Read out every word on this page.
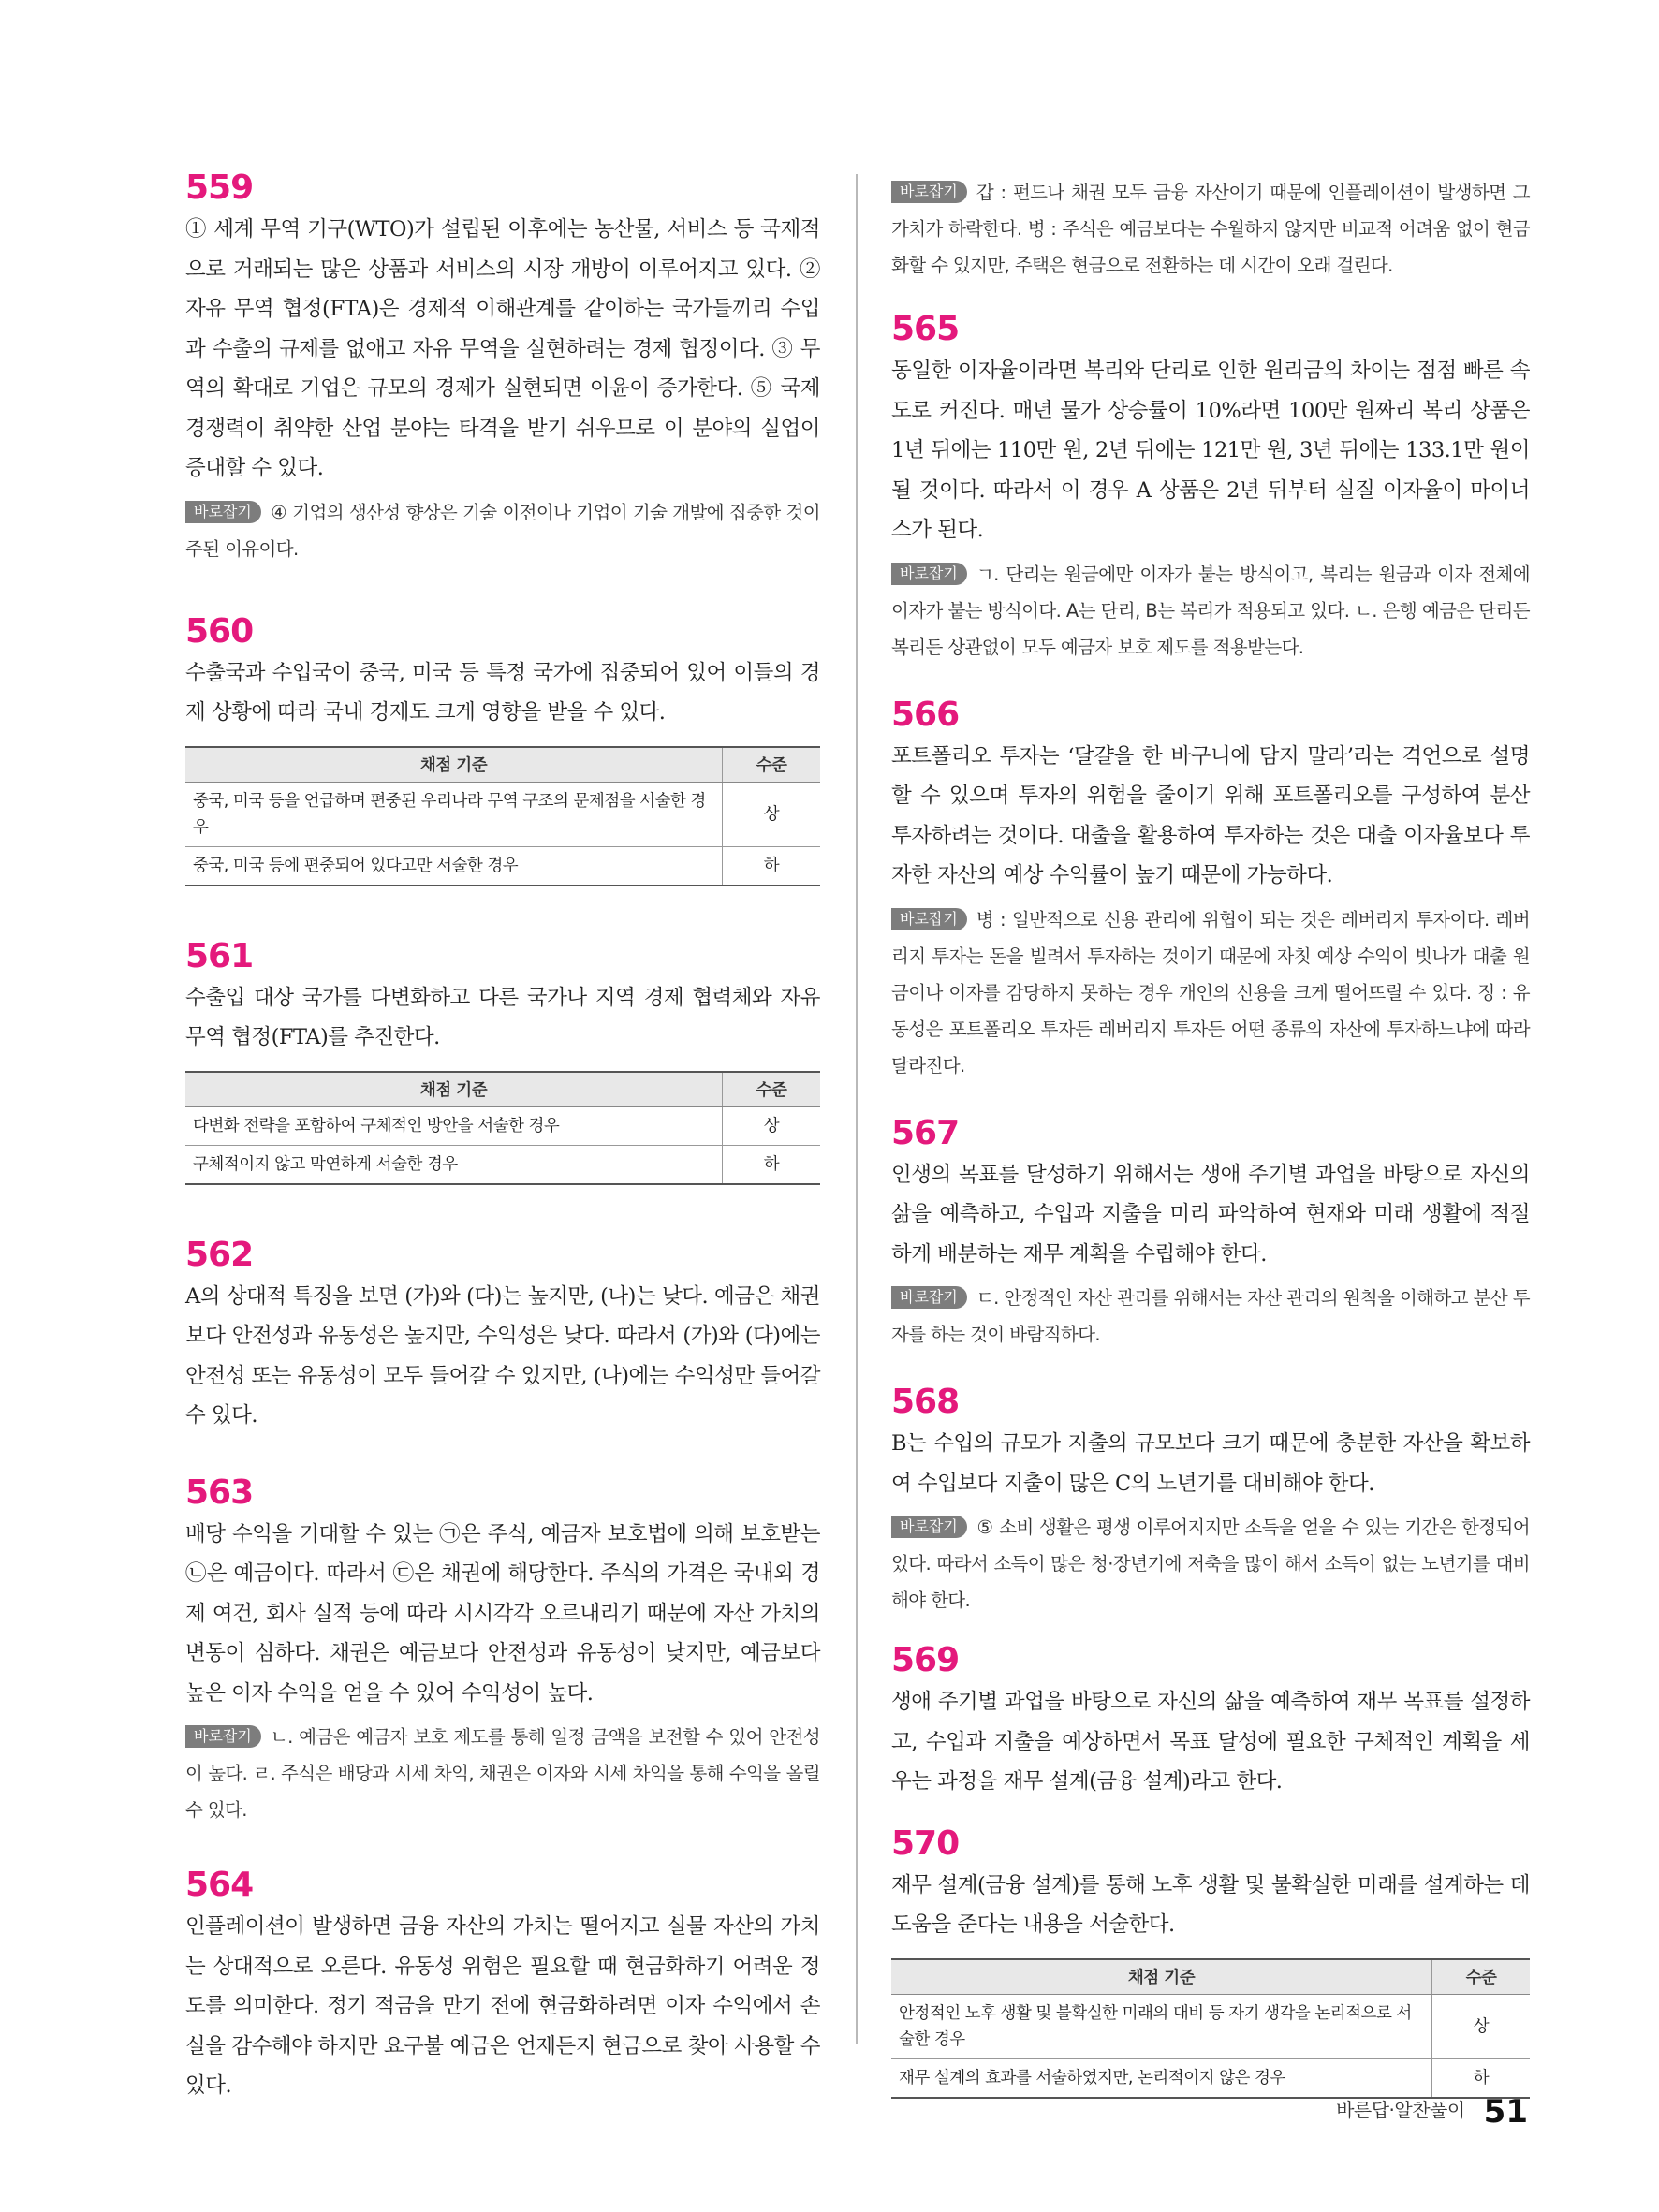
559

① 세계 무역 기구(WTO)가 설립된 이후에는 농산물, 서비스 등 국제적으로 거래되는 많은 상품과 서비스의 시장 개방이 이루어지고 있다. ② 자유 무역 협정(FTA)은 경제적 이해관계를 같이하는 국가들끼리 수입과 수출의 규제를 없애고 자유 무역을 실현하려는 경제 협정이다. ③ 무역의 확대로 기업은 규모의 경제가 실현되면 이윤이 증가한다. ⑤ 국제 경쟁력이 취약한 산업 분야는 타격을 받기 쉬우므로 이 분야의 실업이 증대할 수 있다.

바로잡기 ④ 기업의 생산성 향상은 기술 이전이나 기업이 기술 개발에 집중한 것이 주된 이유이다.

560

수출국과 수입국이 중국, 미국 등 특정 국가에 집중되어 있어 이들의 경제 상황에 따라 국내 경제도 크게 영향을 받을 수 있다.

채점 기준	수준
중국, 미국 등을 언급하며 편중된 우리나라 무역 구조의 문제점을 서술한 경우	상
중국, 미국 등에 편중되어 있다고만 서술한 경우	하
561

수출입 대상 국가를 다변화하고 다른 국가나 지역 경제 협력체와 자유 무역 협정(FTA)를 추진한다.

채점 기준	수준
다변화 전략을 포함하여 구체적인 방안을 서술한 경우	상
구체적이지 않고 막연하게 서술한 경우	하
562

A의 상대적 특징을 보면 (가)와 (다)는 높지만, (나)는 낮다. 예금은 채권보다 안전성과 유동성은 높지만, 수익성은 낮다. 따라서 (가)와 (다)에는 안전성 또는 유동성이 모두 들어갈 수 있지만, (나)에는 수익성만 들어갈 수 있다.

563

배당 수익을 기대할 수 있는 ㉠은 주식, 예금자 보호법에 의해 보호받는 ㉡은 예금이다. 따라서 ㉢은 채권에 해당한다. 주식의 가격은 국내외 경제 여건, 회사 실적 등에 따라 시시각각 오르내리기 때문에 자산 가치의 변동이 심하다. 채권은 예금보다 안전성과 유동성이 낮지만, 예금보다 높은 이자 수익을 얻을 수 있어 수익성이 높다.

바로잡기 ㄴ. 예금은 예금자 보호 제도를 통해 일정 금액을 보전할 수 있어 안전성이 높다. ㄹ. 주식은 배당과 시세 차익, 채권은 이자와 시세 차익을 통해 수익을 올릴 수 있다.

564

인플레이션이 발생하면 금융 자산의 가치는 떨어지고 실물 자산의 가치는 상대적으로 오른다. 유동성 위험은 필요할 때 현금화하기 어려운 정도를 의미한다. 정기 적금을 만기 전에 현금화하려면 이자 수익에서 손실을 감수해야 하지만 요구불 예금은 언제든지 현금으로 찾아 사용할 수 있다.

바로잡기 갑 : 펀드나 채권 모두 금융 자산이기 때문에 인플레이션이 발생하면 그 가치가 하락한다. 병 : 주식은 예금보다는 수월하지 않지만 비교적 어려움 없이 현금화할 수 있지만, 주택은 현금으로 전환하는 데 시간이 오래 걸린다.

565

동일한 이자율이라면 복리와 단리로 인한 원리금의 차이는 점점 빠른 속도로 커진다. 매년 물가 상승률이 10%라면 100만 원짜리 복리 상품은 1년 뒤에는 110만 원, 2년 뒤에는 121만 원, 3년 뒤에는 133.1만 원이 될 것이다. 따라서 이 경우 A 상품은 2년 뒤부터 실질 이자율이 마이너스가 된다.

바로잡기 ㄱ. 단리는 원금에만 이자가 붙는 방식이고, 복리는 원금과 이자 전체에 이자가 붙는 방식이다. A는 단리, B는 복리가 적용되고 있다. ㄴ. 은행 예금은 단리든 복리든 상관없이 모두 예금자 보호 제도를 적용받는다.

566

포트폴리오 투자는 ‘달걀을 한 바구니에 담지 말라’라는 격언으로 설명할 수 있으며 투자의 위험을 줄이기 위해 포트폴리오를 구성하여 분산 투자하려는 것이다. 대출을 활용하여 투자하는 것은 대출 이자율보다 투자한 자산의 예상 수익률이 높기 때문에 가능하다.

바로잡기 병 : 일반적으로 신용 관리에 위협이 되는 것은 레버리지 투자이다. 레버리지 투자는 돈을 빌려서 투자하는 것이기 때문에 자칫 예상 수익이 빗나가 대출 원금이나 이자를 감당하지 못하는 경우 개인의 신용을 크게 떨어뜨릴 수 있다. 정 : 유동성은 포트폴리오 투자든 레버리지 투자든 어떤 종류의 자산에 투자하느냐에 따라 달라진다.

567

인생의 목표를 달성하기 위해서는 생애 주기별 과업을 바탕으로 자신의 삶을 예측하고, 수입과 지출을 미리 파악하여 현재와 미래 생활에 적절하게 배분하는 재무 계획을 수립해야 한다.

바로잡기 ㄷ. 안정적인 자산 관리를 위해서는 자산 관리의 원칙을 이해하고 분산 투자를 하는 것이 바람직하다.

568

B는 수입의 규모가 지출의 규모보다 크기 때문에 충분한 자산을 확보하여 수입보다 지출이 많은 C의 노년기를 대비해야 한다.

바로잡기 ⑤ 소비 생활은 평생 이루어지지만 소득을 얻을 수 있는 기간은 한정되어 있다. 따라서 소득이 많은 청·장년기에 저축을 많이 해서 소득이 없는 노년기를 대비해야 한다.

569

생애 주기별 과업을 바탕으로 자신의 삶을 예측하여 재무 목표를 설정하고, 수입과 지출을 예상하면서 목표 달성에 필요한 구체적인 계획을 세우는 과정을 재무 설계(금융 설계)라고 한다.

570

재무 설계(금융 설계)를 통해 노후 생활 및 불확실한 미래를 설계하는 데 도움을 준다는 내용을 서술한다.

채점 기준	수준
안정적인 노후 생활 및 불확실한 미래의 대비 등 자기 생각을 논리적으로 서술한 경우	상
재무 설계의 효과를 서술하였지만, 논리적이지 않은 경우	하
바른답·알찬풀이 51
